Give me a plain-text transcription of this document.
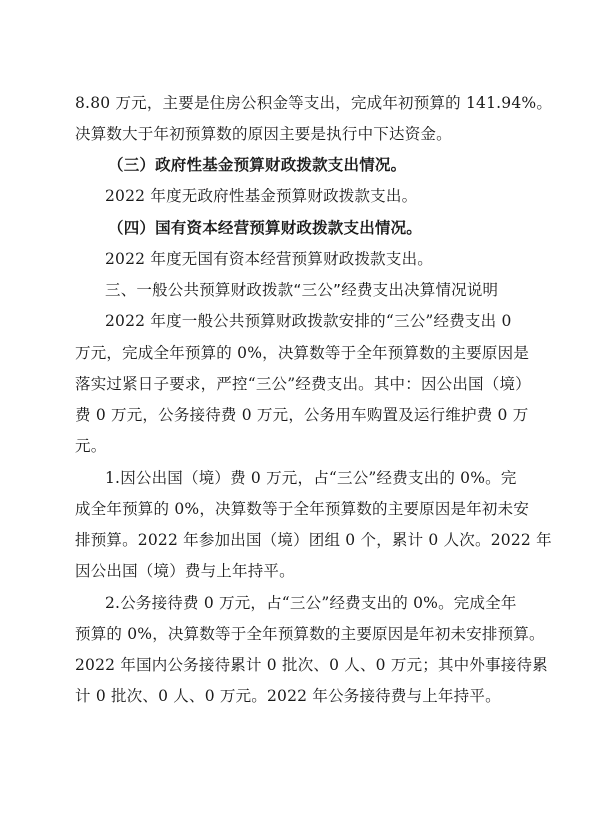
8.80 万元，主要是住房公积金等支出，完成年初预算的 141.94%。
决算数大于年初预算数的原因主要是执行中下达资金。
（三）政府性基金预算财政拨款支出情况。
2022 年度无政府性基金预算财政拨款支出。
（四）国有资本经营预算财政拨款支出情况。
2022 年度无国有资本经营预算财政拨款支出。
三、一般公共预算财政拨款“三公”经费支出决算情况说明
2022 年度一般公共预算财政拨款安排的“三公”经费支出 0
万元，完成全年预算的 0%，决算数等于全年预算数的主要原因是
落实过紧日子要求，严控“三公”经费支出。其中：因公出国（境）
费 0 万元，公务接待费 0 万元，公务用车购置及运行维护费 0 万
元。
1.因公出国（境）费 0 万元，占“三公”经费支出的 0%。完
成全年预算的 0%，决算数等于全年预算数的主要原因是年初未安
排预算。2022 年参加出国（境）团组 0 个，累计 0 人次。2022 年
因公出国（境）费与上年持平。
2.公务接待费 0 万元，占“三公”经费支出的 0%。完成全年
预算的 0%，决算数等于全年预算数的主要原因是年初未安排预算。
2022 年国内公务接待累计 0 批次、0 人、0 万元；其中外事接待累
计 0 批次、0 人、0 万元。2022 年公务接待费与上年持平。
